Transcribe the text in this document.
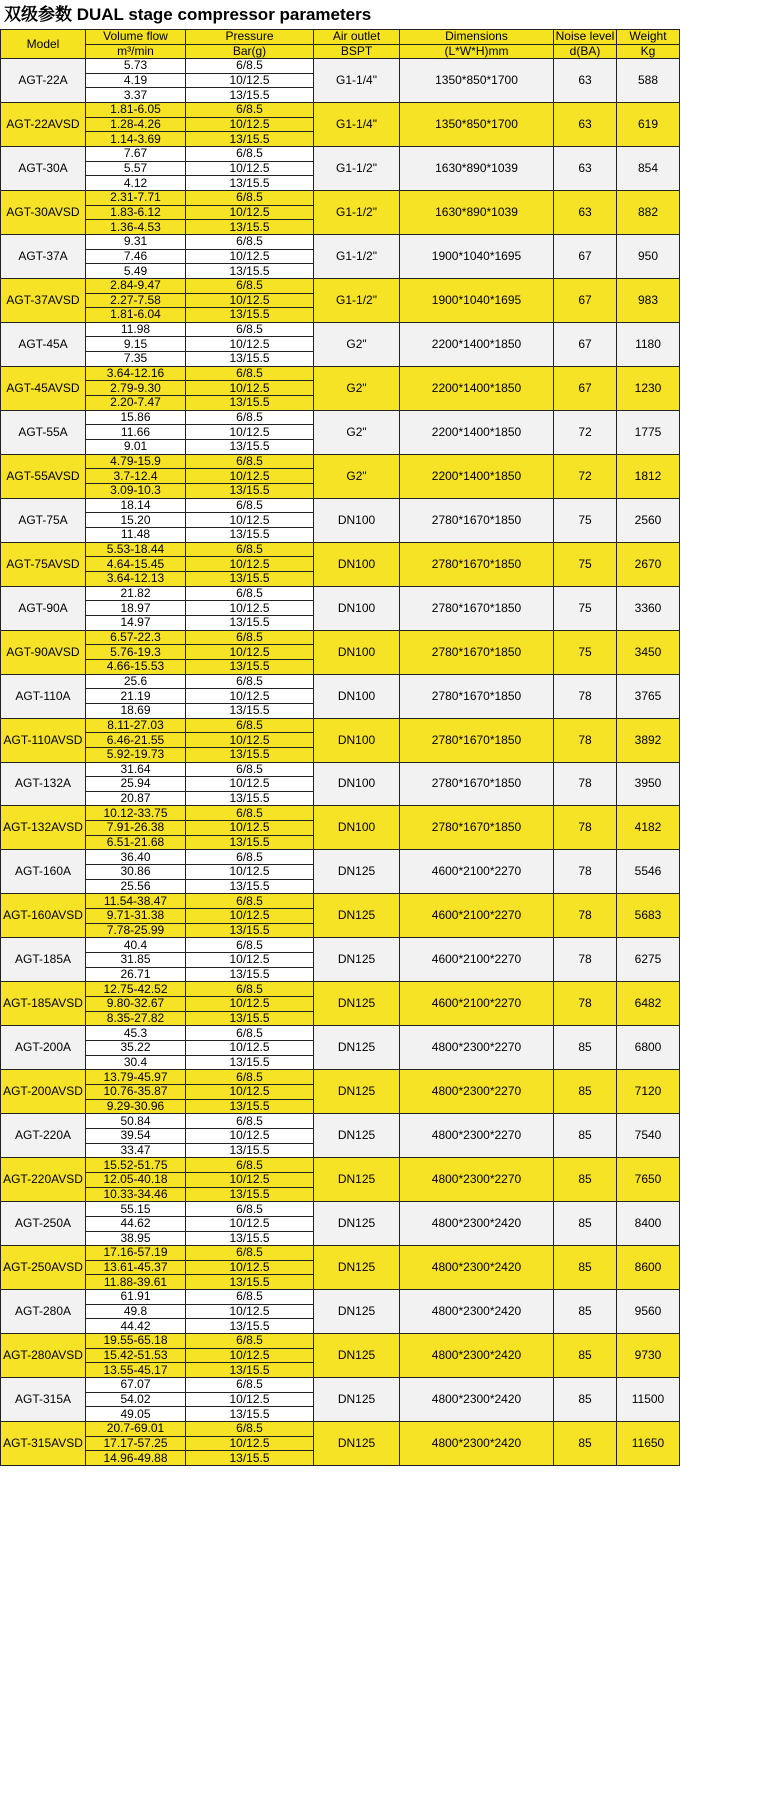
双级参数 DUAL stage compressor parameters
Model	Volume flow	Pressure	Air outlet	Dimensions	Noise level	Weight
	m³/min	Bar(g)	BSPT	(L*W*H)mm	d(BA)	Kg
AGT-22A	5.73	6/8.5	G1-1/4"	1350*850*1700	63	588
	4.19	10/12.5				
	3.37	13/15.5				
AGT-22AVSD	1.81-6.05	6/8.5	G1-1/4"	1350*850*1700	63	619
	1.28-4.26	10/12.5				
	1.14-3.69	13/15.5				
AGT-30A	7.67	6/8.5	G1-1/2"	1630*890*1039	63	854
	5.57	10/12.5				
	4.12	13/15.5				
AGT-30AVSD	2.31-7.71	6/8.5	G1-1/2"	1630*890*1039	63	882
	1.83-6.12	10/12.5				
	1.36-4.53	13/15.5				
AGT-37A	9.31	6/8.5	G1-1/2"	1900*1040*1695	67	950
	7.46	10/12.5				
	5.49	13/15.5				
AGT-37AVSD	2.84-9.47	6/8.5	G1-1/2"	1900*1040*1695	67	983
	2.27-7.58	10/12.5				
	1.81-6.04	13/15.5				
AGT-45A	11.98	6/8.5	G2"	2200*1400*1850	67	1180
	9.15	10/12.5				
	7.35	13/15.5				
AGT-45AVSD	3.64-12.16	6/8.5	G2"	2200*1400*1850	67	1230
	2.79-9.30	10/12.5				
	2.20-7.47	13/15.5				
AGT-55A	15.86	6/8.5	G2"	2200*1400*1850	72	1775
	11.66	10/12.5				
	9.01	13/15.5				
AGT-55AVSD	4.79-15.9	6/8.5	G2"	2200*1400*1850	72	1812
	3.7-12.4	10/12.5				
	3.09-10.3	13/15.5				
AGT-75A	18.14	6/8.5	DN100	2780*1670*1850	75	2560
	15.20	10/12.5				
	11.48	13/15.5				
AGT-75AVSD	5.53-18.44	6/8.5	DN100	2780*1670*1850	75	2670
	4.64-15.45	10/12.5				
	3.64-12.13	13/15.5				
AGT-90A	21.82	6/8.5	DN100	2780*1670*1850	75	3360
	18.97	10/12.5				
	14.97	13/15.5				
AGT-90AVSD	6.57-22.3	6/8.5	DN100	2780*1670*1850	75	3450
	5.76-19.3	10/12.5				
	4.66-15.53	13/15.5				
AGT-110A	25.6	6/8.5	DN100	2780*1670*1850	78	3765
	21.19	10/12.5				
	18.69	13/15.5				
AGT-110AVSD	8.11-27.03	6/8.5	DN100	2780*1670*1850	78	3892
	6.46-21.55	10/12.5				
	5.92-19.73	13/15.5				
AGT-132A	31.64	6/8.5	DN100	2780*1670*1850	78	3950
	25.94	10/12.5				
	20.87	13/15.5				
AGT-132AVSD	10.12-33.75	6/8.5	DN100	2780*1670*1850	78	4182
	7.91-26.38	10/12.5				
	6.51-21.68	13/15.5				
AGT-160A	36.40	6/8.5	DN125	4600*2100*2270	78	5546
	30.86	10/12.5				
	25.56	13/15.5				
AGT-160AVSD	11.54-38.47	6/8.5	DN125	4600*2100*2270	78	5683
	9.71-31.38	10/12.5				
	7.78-25.99	13/15.5				
AGT-185A	40.4	6/8.5	DN125	4600*2100*2270	78	6275
	31.85	10/12.5				
	26.71	13/15.5				
AGT-185AVSD	12.75-42.52	6/8.5	DN125	4600*2100*2270	78	6482
	9.80-32.67	10/12.5				
	8.35-27.82	13/15.5				
AGT-200A	45.3	6/8.5	DN125	4800*2300*2270	85	6800
	35.22	10/12.5				
	30.4	13/15.5				
AGT-200AVSD	13.79-45.97	6/8.5	DN125	4800*2300*2270	85	7120
	10.76-35.87	10/12.5				
	9.29-30.96	13/15.5				
AGT-220A	50.84	6/8.5	DN125	4800*2300*2270	85	7540
	39.54	10/12.5				
	33.47	13/15.5				
AGT-220AVSD	15.52-51.75	6/8.5	DN125	4800*2300*2270	85	7650
	12.05-40.18	10/12.5				
	10.33-34.46	13/15.5				
AGT-250A	55.15	6/8.5	DN125	4800*2300*2420	85	8400
	44.62	10/12.5				
	38.95	13/15.5				
AGT-250AVSD	17.16-57.19	6/8.5	DN125	4800*2300*2420	85	8600
	13.61-45.37	10/12.5				
	11.88-39.61	13/15.5				
AGT-280A	61.91	6/8.5	DN125	4800*2300*2420	85	9560
	49.8	10/12.5				
	44.42	13/15.5				
AGT-280AVSD	19.55-65.18	6/8.5	DN125	4800*2300*2420	85	9730
	15.42-51.53	10/12.5				
	13.55-45.17	13/15.5				
AGT-315A	67.07	6/8.5	DN125	4800*2300*2420	85	11500
	54.02	10/12.5				
	49.05	13/15.5				
AGT-315AVSD	20.7-69.01	6/8.5	DN125	4800*2300*2420	85	11650
	17.17-57.25	10/12.5				
	14.96-49.88	13/15.5				
